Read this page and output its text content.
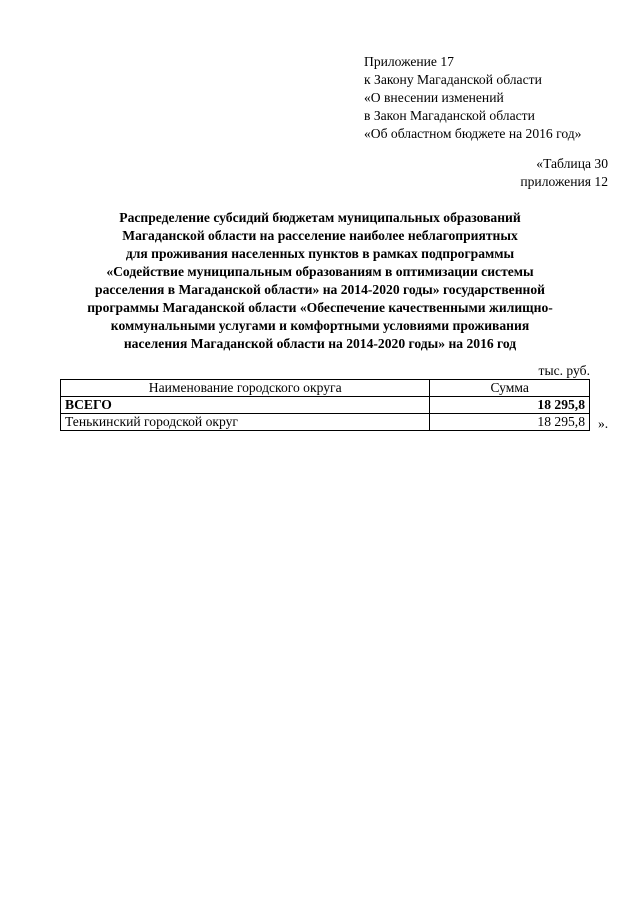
Приложение 17
к Закону Магаданской области
«О внесении изменений
в Закон Магаданской области
«Об областном бюджете на 2016 год»
«Таблица 30
приложения 12
Распределение субсидий бюджетам муниципальных образований
Магаданской области на расселение наиболее неблагоприятных
для проживания населенных пунктов в рамках подпрограммы
«Содействие муниципальным образованиям в оптимизации системы
расселения в Магаданской области» на 2014-2020 годы» государственной
программы Магаданской области «Обеспечение качественными жилищно-
коммунальными услугами и комфортными условиями проживания
населения Магаданской области на 2014-2020 годы» на 2016 год
тыс. руб.
Наименование городского округа	Сумма
ВСЕГО	18 295,8
Тенькинский городской округ	18 295,8 ».
